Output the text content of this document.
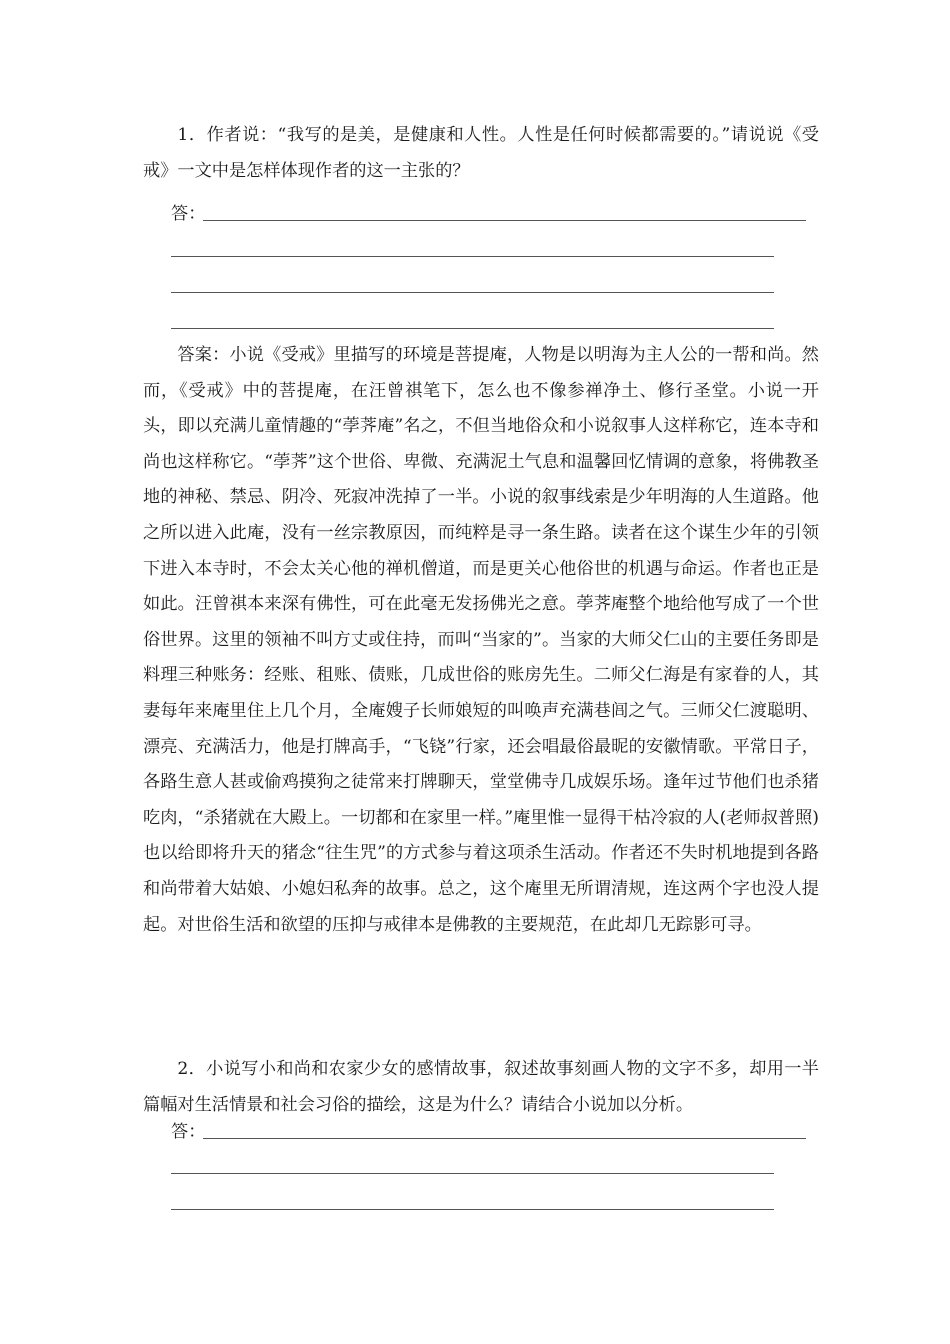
1．作者说：“我写的是美，是健康和人性。人性是任何时候都需要的。”请说说《受戒》一文中是怎样体现作者的这一主张的？

答：

答案：小说《受戒》里描写的环境是菩提庵，人物是以明海为主人公的一帮和尚。然而，《受戒》中的菩提庵，在汪曾祺笔下，怎么也不像参禅净土、修行圣堂。小说一开头，即以充满儿童情趣的“荸荠庵”名之，不但当地俗众和小说叙事人这样称它，连本寺和尚也这样称它。“荸荠”这个世俗、卑微、充满泥土气息和温馨回忆情调的意象，将佛教圣地的神秘、禁忌、阴冷、死寂冲洗掉了一半。小说的叙事线索是少年明海的人生道路。他之所以进入此庵，没有一丝宗教原因，而纯粹是寻一条生路。读者在这个谋生少年的引领下进入本寺时，不会太关心他的禅机僧道，而是更关心他俗世的机遇与命运。作者也正是如此。汪曾祺本来深有佛性，可在此毫无发扬佛光之意。荸荠庵整个地给他写成了一个世俗世界。这里的领袖不叫方丈或住持，而叫“当家的”。当家的大师父仁山的主要任务即是料理三种账务：经账、租账、债账，几成世俗的账房先生。二师父仁海是有家眷的人，其妻每年来庵里住上几个月，全庵嫂子长师娘短的叫唤声充满巷闾之气。三师父仁渡聪明、漂亮、充满活力，他是打牌高手，“飞铙”行家，还会唱最俗最昵的安徽情歌。平常日子，各路生意人甚或偷鸡摸狗之徒常来打牌聊天，堂堂佛寺几成娱乐场。逢年过节他们也杀猪吃肉，“杀猪就在大殿上。一切都和在家里一样。”庵里惟一显得干枯冷寂的人(老师叔普照)也以给即将升天的猪念“往生咒”的方式参与着这项杀生活动。作者还不失时机地提到各路和尚带着大姑娘、小媳妇私奔的故事。总之，这个庵里无所谓清规，连这两个字也没人提起。对世俗生活和欲望的压抑与戒律本是佛教的主要规范，在此却几无踪影可寻。

2．小说写小和尚和农家少女的感情故事，叙述故事刻画人物的文字不多，却用一半篇幅对生活情景和社会习俗的描绘，这是为什么？请结合小说加以分析。

答：
